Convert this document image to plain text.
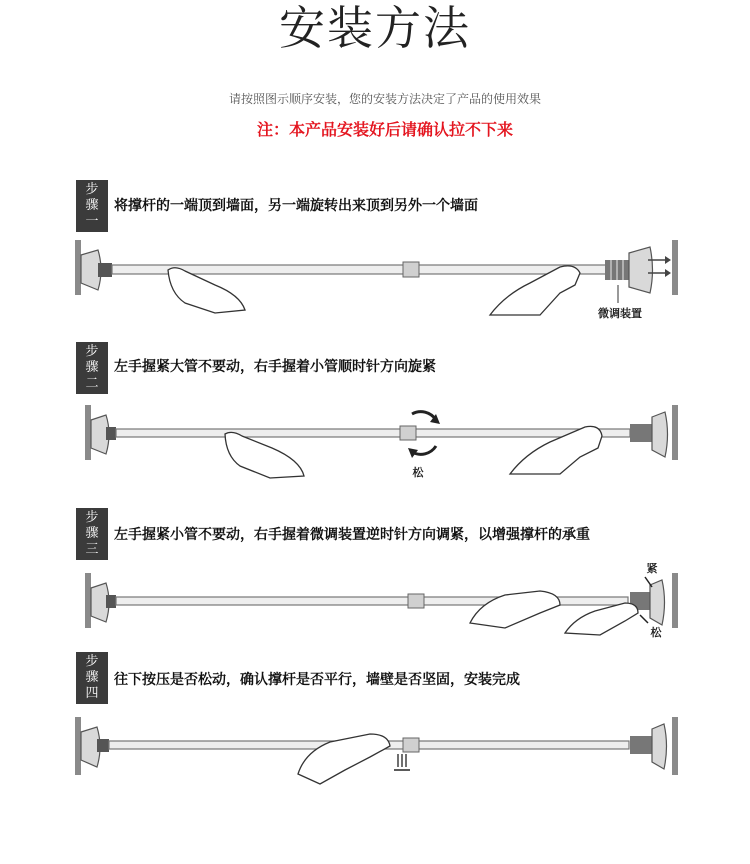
安装方法
请按照图示顺序安装，您的安装方法决定了产品的使用效果
注：本产品安装好后请确认拉不下来
步
骤
一
将撑杆的一端顶到墙面，另一端旋转出来顶到另外一个墙面
微调装置
步
骤
二
左手握紧大管不要动，右手握着小管顺时针方向旋紧
松
步
骤
三
左手握紧小管不要动，右手握着微调装置逆时针方向调紧，以增强撑杆的承重
紧
松
步
骤
四
往下按压是否松动，确认撑杆是否平行，墙壁是否坚固，安装完成
